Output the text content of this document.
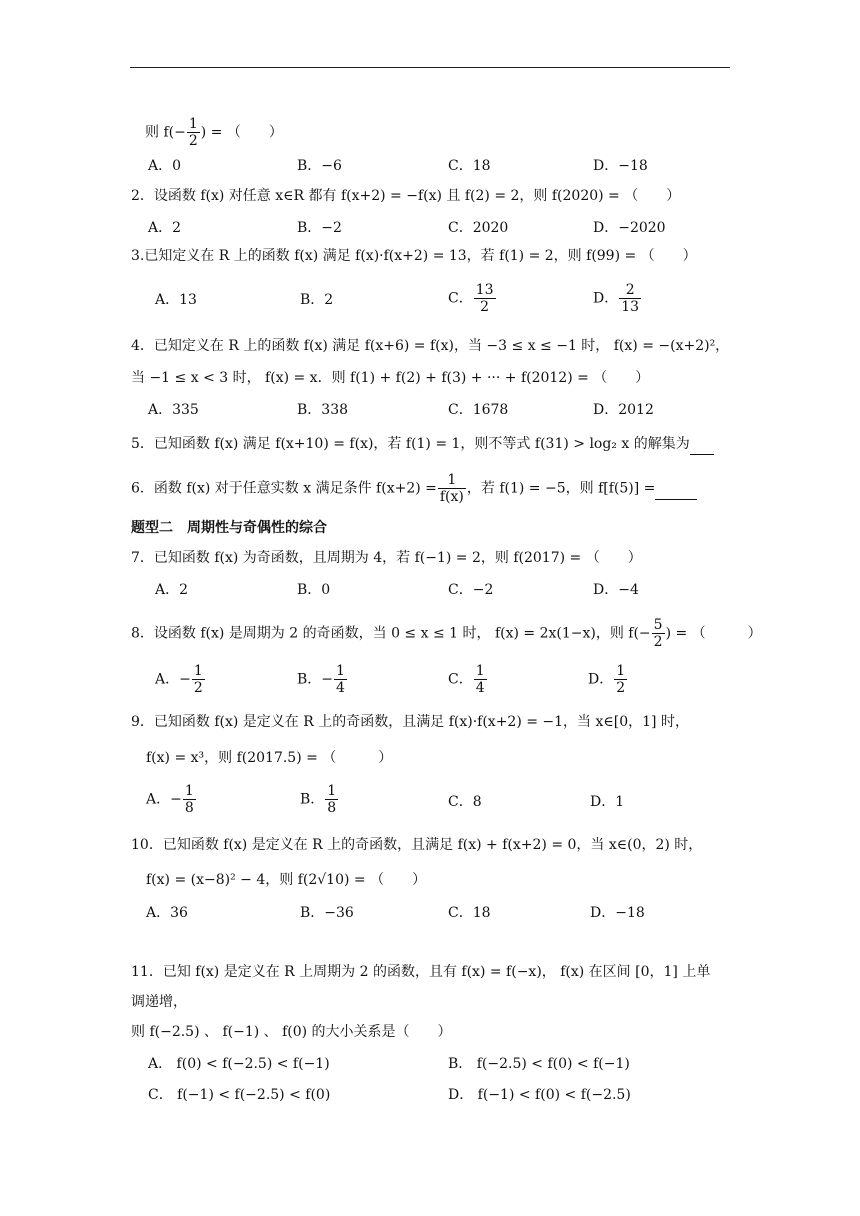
则 $f(- \frac{1}{2}$ ) = （　　）
A．0	B．−6	C．18	D．−18
2．设函数 f(x) 对任意 x∈R 都有 f(x+2) = −f(x) 且 f(2) = 2，则 f(2020) = （　　）
A．2	B．−2	C．2020	D．−2020
3.已知定义在 R 上的函数 f(x) 满足 f(x)·f(x+2) = 13，若 f(1) = 2，则 f(99) = （　　）
A．13	B．2	C． $\frac{13}{2}$	D． $\frac{2}{13}$
4．已知定义在 R 上的函数 f(x) 满足 f(x+6) = f(x)，当 −3 ≤ x ≤ −1 时， f(x) = −(x+2)²，
当 −1 ≤ x < 3 时， f(x) = x．则 f(1) + f(2) + f(3) + ··· + f(2012) = （　　）
A．335	B．338	C．1678	D．2012
5．已知函数 f(x) 满足 f(x+10) = f(x)，若 f(1) = 1，则不等式 f(31) > log₂ x 的解集为
6．函数 f(x) 对于任意实数 x 满足条件 $f(x+2) = \frac{1}{f(x)}$ ，若 f(1) = −5，则 f[f(5)] =
题型二　周期性与奇偶性的综合
7．已知函数 f(x) 为奇函数，且周期为 4，若 f(−1) = 2，则 f(2017) = （　　）
A．2	B．0	C．−2	D．−4
8．设函数 f(x) 是周期为 2 的奇函数，当 0 ≤ x ≤ 1 时， f(x) = 2x(1−x)，则 $f(- \frac{5}{2}$ ) = （　　　）
A．− $\frac{1}{2}$	B．− $\frac{1}{4}$	C． $\frac{1}{4}$	D． $\frac{1}{2}$
9．已知函数 f(x) 是定义在 R 上的奇函数，且满足 f(x)·f(x+2) = −1，当 x∈[0，1] 时，
f(x) = x³，则 f(2017.5) = （　　　）
A．− $\frac{1}{8}$	B． $\frac{1}{8}$	C．8	D．1
10．已知函数 f(x) 是定义在 R 上的奇函数，且满足 f(x) + f(x+2) = 0，当 x∈(0，2) 时，
f(x) = (x−8)² − 4，则 f(2√10) = （　　）
A．36	B．−36	C．18	D．−18
11．已知 f(x) 是定义在 R 上周期为 2 的函数，且有 f(x) = f(−x)， f(x) 在区间 [0，1] 上单
调递增，
则 f(−2.5) 、 f(−1) 、 f(0) 的大小关系是（　　）
A． f(0) < f(−2.5) < f(−1)	B． f(−2.5) < f(0) < f(−1)
C． f(−1) < f(−2.5) < f(0)	D． f(−1) < f(0) < f(−2.5)
